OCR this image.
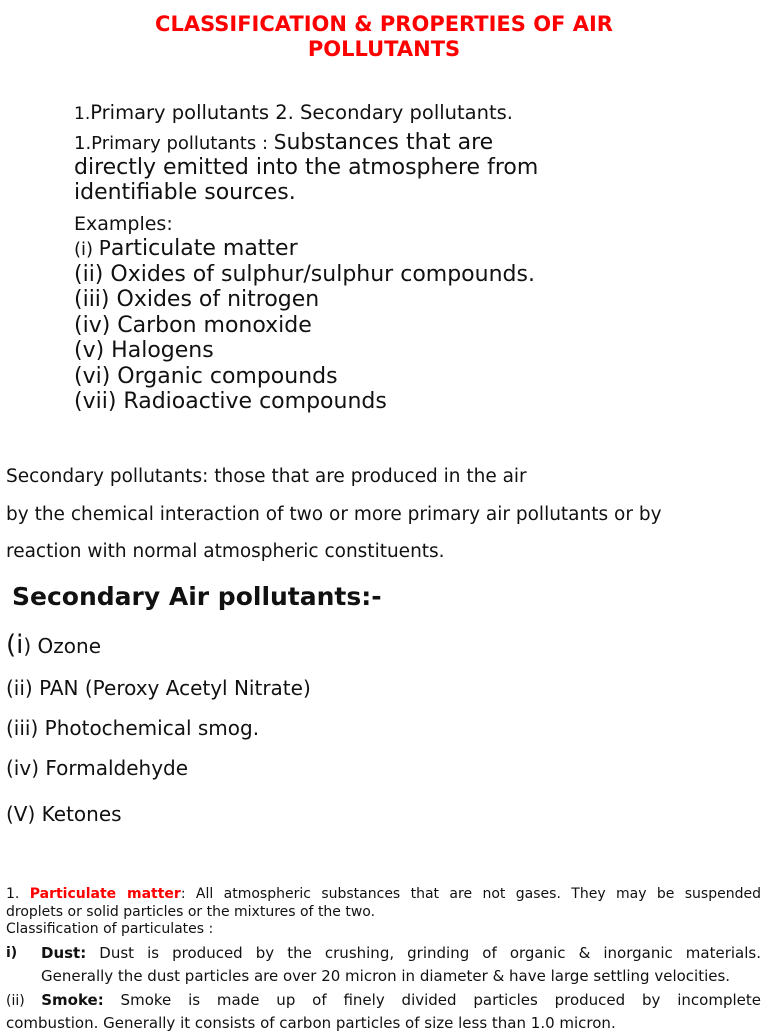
CLASSIFICATION & PROPERTIES OF AIR
POLLUTANTS
1.Primary pollutants 2. Secondary pollutants.
1.Primary pollutants : Substances that are
directly emitted into the atmosphere from
identifiable sources.
Examples:
(i) Particulate matter
(ii) Oxides of sulphur/sulphur compounds.
(iii) Oxides of nitrogen
(iv) Carbon monoxide
(v) Halogens
(vi) Organic compounds
(vii) Radioactive compounds
Secondary pollutants: those that are produced in the air
by the chemical interaction of two or more primary air pollutants or by
reaction with normal atmospheric constituents.
Secondary Air pollutants:-
(i) Ozone
(ii) PAN (Peroxy Acetyl Nitrate)
(iii) Photochemical smog.
(iv) Formaldehyde
(V) Ketones
1. Particulate matter: All atmospheric substances that are not gases. They may be suspended
droplets or solid particles or the mixtures of the two.
Classification of particulates :
i) Dust: Dust is produced by the crushing, grinding of organic & inorganic materials.
Generally the dust particles are over 20 micron in diameter & have large settling velocities.
(ii) Smoke: Smoke is made up of finely divided particles produced by incomplete
combustion. Generally it consists of carbon particles of size less than 1.0 micron.
